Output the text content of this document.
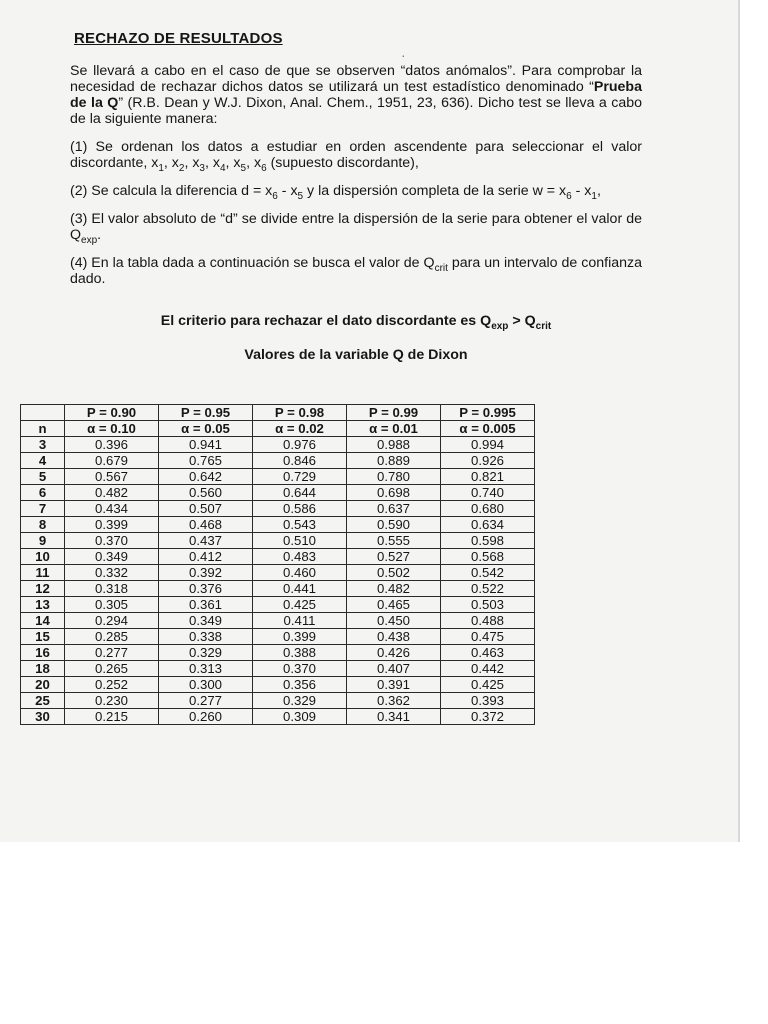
RECHAZO DE RESULTADOS

Se llevará a cabo en el caso de que se observen “datos anómalos”. Para comprobar la necesidad de rechazar dichos datos se utilizará un test estadístico denominado “Prueba de la Q” (R.B. Dean y W.J. Dixon, Anal. Chem., 1951, 23, 636). Dicho test se lleva a cabo de la siguiente manera:

(1) Se ordenan los datos a estudiar en orden ascendente para seleccionar el valor discordante, $x_1$, $x_2$, $x_3$, $x_4$, $x_5$, $x_6$ (supuesto discordante),

(2) Se calcula la diferencia $d = x_6 - x_5$ y la dispersión completa de la serie $w = x_6 - x_1$,

(3) El valor absoluto de “d” se divide entre la dispersión de la serie para obtener el valor de $Q_{exp}$.

(4) En la tabla dada a continuación se busca el valor de $Q_{crit}$ para un intervalo de confianza dado.

El criterio para rechazar el dato discordante es $Q_{exp} > Q_{crit}$
Valores de la variable Q de Dixon
	P = 0.90	P = 0.95	P = 0.98	P = 0.99	P = 0.995
n	α = 0.10	α = 0.05	α = 0.02	α = 0.01	α = 0.005
3	0.396	0.941	0.976	0.988	0.994
4	0.679	0.765	0.846	0.889	0.926
5	0.567	0.642	0.729	0.780	0.821
6	0.482	0.560	0.644	0.698	0.740
7	0.434	0.507	0.586	0.637	0.680
8	0.399	0.468	0.543	0.590	0.634
9	0.370	0.437	0.510	0.555	0.598
10	0.349	0.412	0.483	0.527	0.568
11	0.332	0.392	0.460	0.502	0.542
12	0.318	0.376	0.441	0.482	0.522
13	0.305	0.361	0.425	0.465	0.503
14	0.294	0.349	0.411	0.450	0.488
15	0.285	0.338	0.399	0.438	0.475
16	0.277	0.329	0.388	0.426	0.463
18	0.265	0.313	0.370	0.407	0.442
20	0.252	0.300	0.356	0.391	0.425
25	0.230	0.277	0.329	0.362	0.393
30	0.215	0.260	0.309	0.341	0.372
·
